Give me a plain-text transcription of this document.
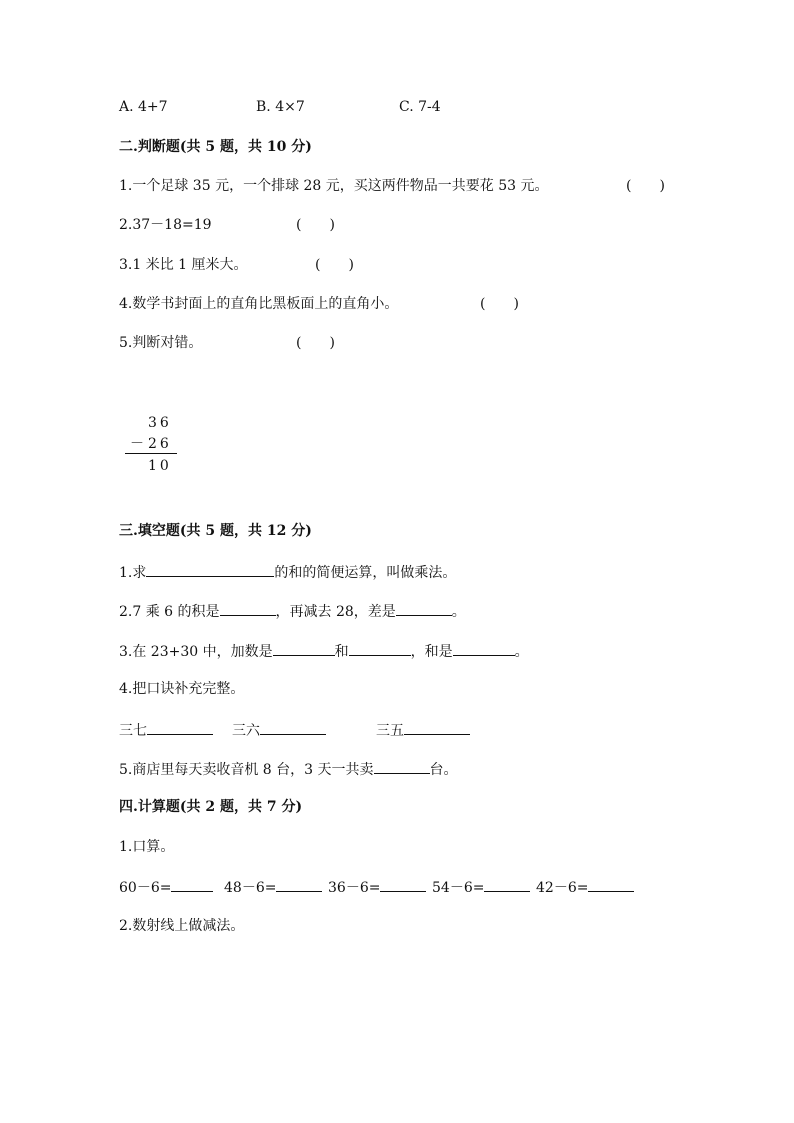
A. 4+7	B. 4×7	C. 7-4
二.判断题(共 5 题，共 10 分)
1.一个足球 35 元，一个排球 28 元，买这两件物品一共要花 53 元。	(　　)
2.37－18=19	(　　)
3.1 米比 1 厘米大。	(　　)
4.数学书封面上的直角比黑板面上的直角小。	(　　)
5.判断对错。	(　　)
36
－ 26
10
三.填空题(共 5 题，共 12 分)
1.求	的和的简便运算，叫做乘法。
2.7 乘 6 的积是	，再减去 28，差是	。
3.在 23+30 中，加数是	和	，和是	。
4.把口诀补充完整。
三七	三六	三五
5.商店里每天卖收音机 8 台，3 天一共卖	台。
四.计算题(共 2 题，共 7 分)
1.口算。
60－6=	48－6=	36－6=	54－6=	42－6=
2.数射线上做减法。
